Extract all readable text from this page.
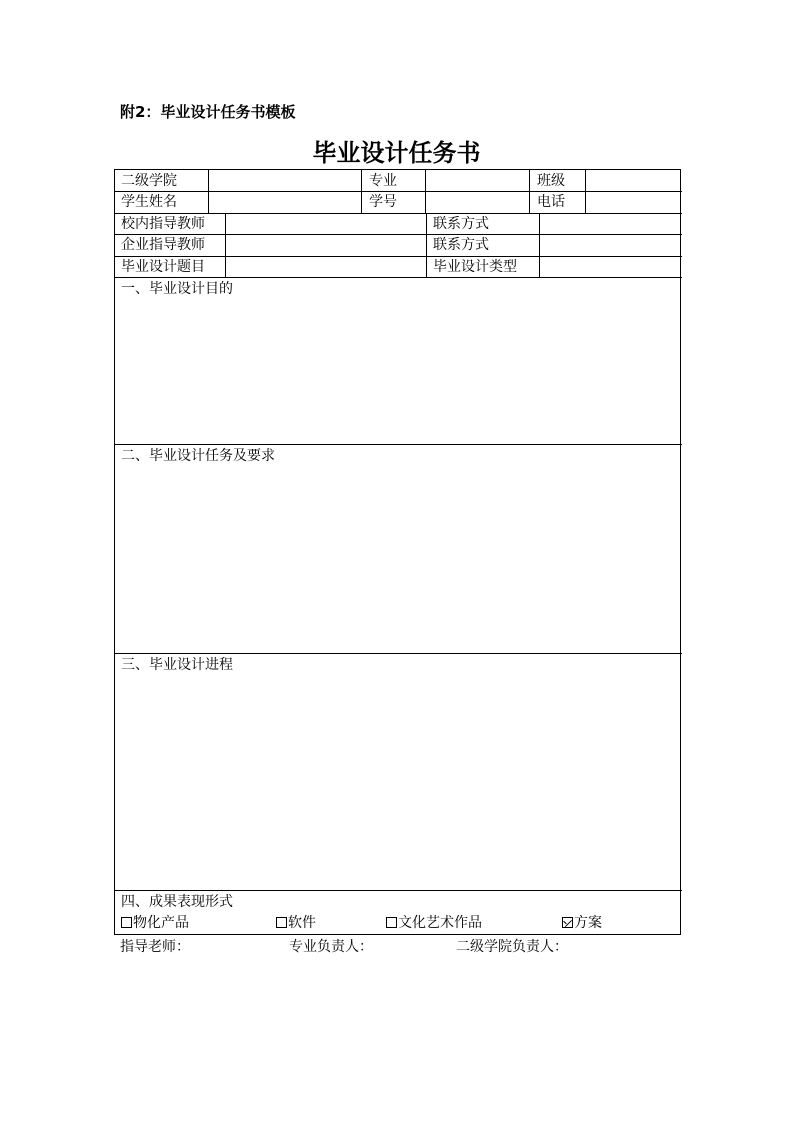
附2：毕业设计任务书模板
毕业设计任务书
二级学院	专业	班级
学生姓名	学号	电话
校内指导教师	联系方式
企业指导教师	联系方式
毕业设计题目	毕业设计类型
一、毕业设计目的
二、毕业设计任务及要求
三、毕业设计进程
四、成果表现形式
物化产品	软件	文化艺术作品	方案
指导老师：	专业负责人：	二级学院负责人：
